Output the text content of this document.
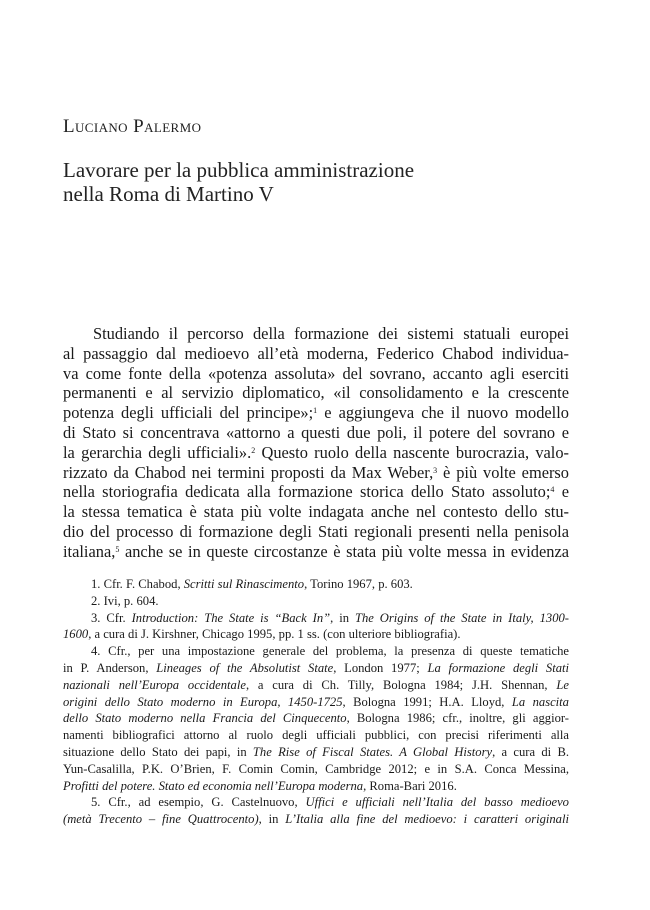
Luciano Palermo
Lavorare per la pubblica amministrazione
nella Roma di Martino V
Studiando il percorso della formazione dei sistemi statuali europei
al passaggio dal medioevo all’età moderna, Federico Chabod individua-
va come fonte della «potenza assoluta» del sovrano, accanto agli eserciti
permanenti e al servizio diplomatico, «il consolidamento e la crescente
potenza degli ufficiali del principe»;$^1$ e aggiungeva che il nuovo modello
di Stato si concentrava «attorno a questi due poli, il potere del sovrano e
la gerarchia degli ufficiali».$^2$ Questo ruolo della nascente burocrazia, valo-
rizzato da Chabod nei termini proposti da Max Weber,$^3$ è più volte emerso
nella storiografia dedicata alla formazione storica dello Stato assoluto;$^4$ e
la stessa tematica è stata più volte indagata anche nel contesto dello stu-
dio del processo di formazione degli Stati regionali presenti nella penisola
italiana,$^5$ anche se in queste circostanze è stata più volte messa in evidenza
1. Cfr. F. Chabod, Scritti sul Rinascimento, Torino 1967, p. 603.
2. Ivi, p. 604.
3. Cfr. Introduction: The State is “Back In”, in The Origins of the State in Italy, 1300-
1600, a cura di J. Kirshner, Chicago 1995, pp. 1 ss. (con ulteriore bibliografia).
4. Cfr., per una impostazione generale del problema, la presenza di queste tematiche
in P. Anderson, Lineages of the Absolutist State, London 1977; La formazione degli Stati
nazionali nell’Europa occidentale, a cura di Ch. Tilly, Bologna 1984; J.H. Shennan, Le
origini dello Stato moderno in Europa, 1450-1725, Bologna 1991; H.A. Lloyd, La nascita
dello Stato moderno nella Francia del Cinquecento, Bologna 1986; cfr., inoltre, gli aggior-
namenti bibliografici attorno al ruolo degli ufficiali pubblici, con precisi riferimenti alla
situazione dello Stato dei papi, in The Rise of Fiscal States. A Global History, a cura di B.
Yun-Casalilla, P.K. O’Brien, F. Comin Comin, Cambridge 2012; e in S.A. Conca Messina,
Profitti del potere. Stato ed economia nell’Europa moderna, Roma-Bari 2016.
5. Cfr., ad esempio, G. Castelnuovo, Uffici e ufficiali nell’Italia del basso medioevo
(metà Trecento – fine Quattrocento), in L’Italia alla fine del medioevo: i caratteri originali
